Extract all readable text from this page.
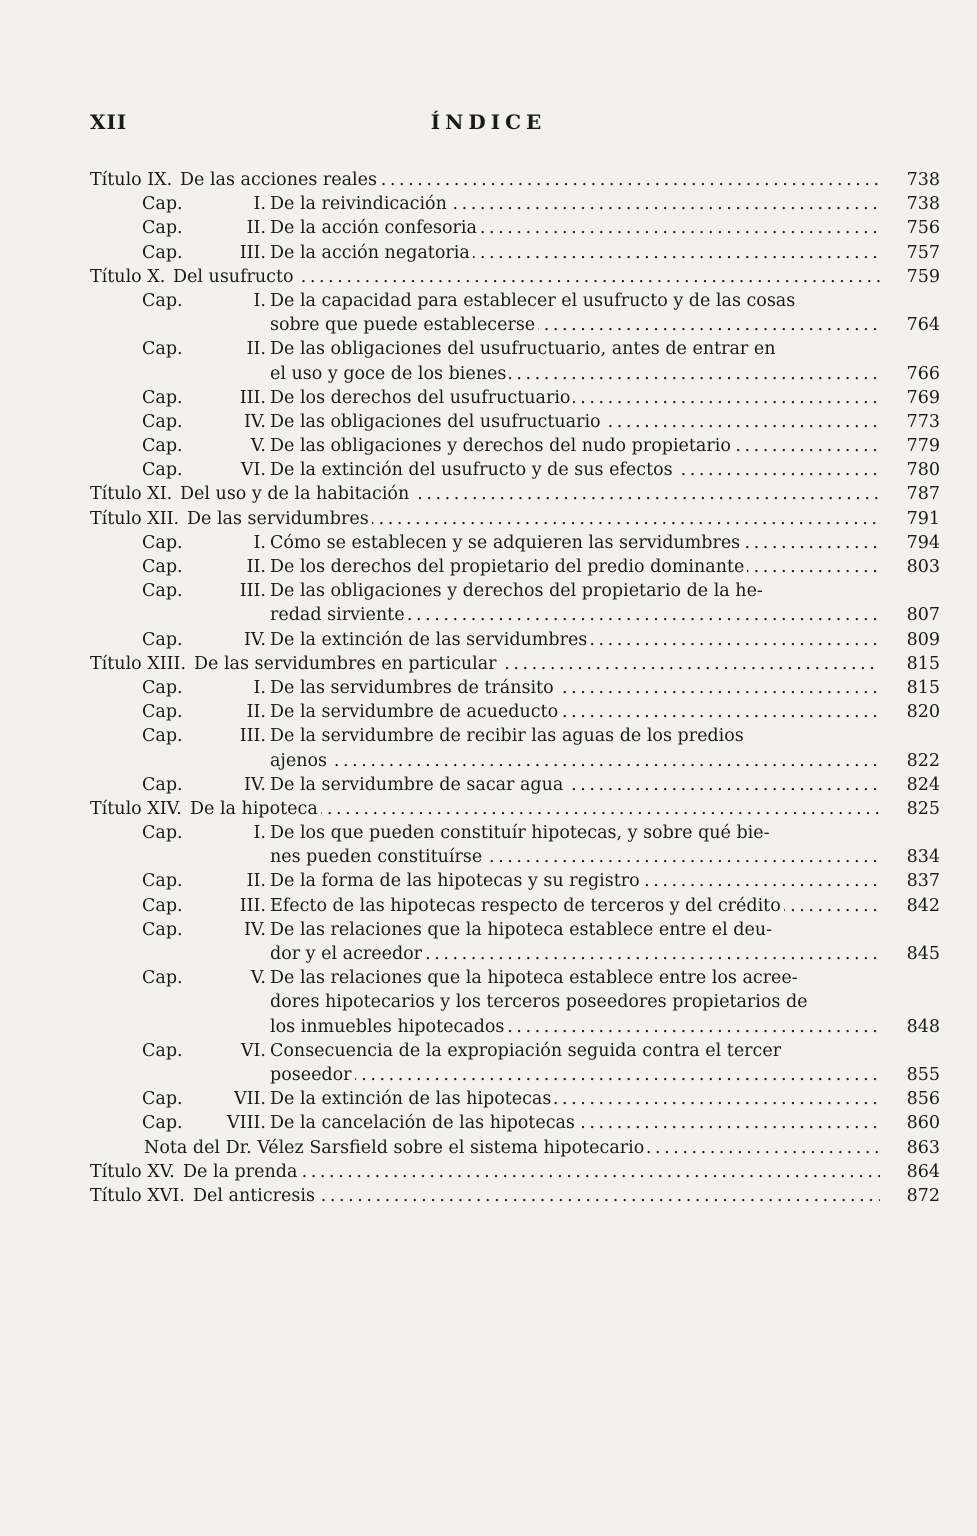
XII	ÍNDICE
Título IX. De las acciones reales . . .	738
Cap.	I. De la reivindicación . . .	738
Cap.	II. De la acción confesoria . . .	756
Cap.	III. De la acción negatoria . . .	757
Título X. Del usufructo . . .	759
Cap.	I. De la capacidad para establecer el usufructo y de las cosas
sobre que puede establecerse . . .	764
Cap.	II. De las obligaciones del usufructuario, antes de entrar en
el uso y goce de los bienes . . .	766
Cap.	III. De los derechos del usufructuario . . .	769
Cap.	IV. De las obligaciones del usufructuario . . .	773
Cap.	V. De las obligaciones y derechos del nudo propietario . . .	779
Cap.	VI. De la extinción del usufructo y de sus efectos . . .	780
Título XI. Del uso y de la habitación . . .	787
Título XII. De las servidumbres . . .	791
Cap.	I. Cómo se establecen y se adquieren las servidumbres . . .	794
Cap.	II. De los derechos del propietario del predio dominante . . .	803
Cap.	III. De las obligaciones y derechos del propietario de la he-
redad sirviente . . .	807
Cap.	IV. De la extinción de las servidumbres . . .	809
Título XIII. De las servidumbres en particular . . .	815
Cap.	I. De las servidumbres de tránsito . . .	815
Cap.	II. De la servidumbre de acueducto . . .	820
Cap.	III. De la servidumbre de recibir las aguas de los predios
ajenos . . .	822
Cap.	IV. De la servidumbre de sacar agua . . .	824
Título XIV. De la hipoteca . . .	825
Cap.	I. De los que pueden constituír hipotecas, y sobre qué bie-
nes pueden constituírse . . .	834
Cap.	II. De la forma de las hipotecas y su registro . . .	837
Cap.	III. Efecto de las hipotecas respecto de terceros y del crédito . . .	842
Cap.	IV. De las relaciones que la hipoteca establece entre el deu-
dor y el acreedor . . .	845
Cap.	V. De las relaciones que la hipoteca establece entre los acree-
dores hipotecarios y los terceros poseedores propietarios de
los inmuebles hipotecados . . .	848
Cap.	VI. Consecuencia de la expropiación seguida contra el tercer
poseedor . . .	855
Cap.	VII. De la extinción de las hipotecas . . .	856
Cap.	VIII. De la cancelación de las hipotecas . . .	860
Nota del Dr. Vélez Sarsfield sobre el sistema hipotecario . . .	863
Título XV. De la prenda . . .	864
Título XVI. Del anticresis . . .	872
